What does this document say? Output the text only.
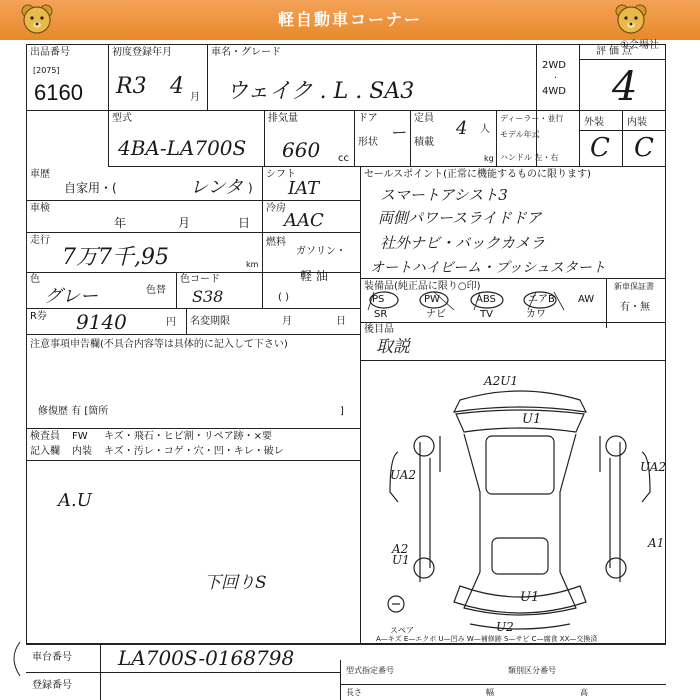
軽自動車コーナー
①会場社
出品番号
[2075]
6160
初度登録年月
R3 4 月
車名・グレード
ウェイク . L . SA3
2WD
·
4WD
評価点
4
型式
4BA-LA700S
排気量
660 cc
ドア
形状
ー
定員
積載
4 人
kg
ディーラー・並行
モデル年式
ハンドル 左・右
外装 内装
C C
車歴
自家用・(	レンタ )
車検
年	月	日
走行
7万7千,95	km
色
グレー	色替
色コード
S38
シフト
IAT
冷房
AAC
燃料
ガソリン・
軽 油
( )
R券 9140	円 名変期限	月	日
注意事項申告欄(不具合内容等は具体的に記入して下さい)
修復歴 有 [箇所	]
セールスポイント(正常に機能するものに限ります)
スマートアシスト3
両側パワースライドドア
社外ナビ・バックカメラ
オートハイビーム・プッシュスタート
装備品(純正品に限り○印)
PS	PW	ABS	エアB AW
SR	ナビ	TV	カワ
新車保証書
有・無
後目品
取説
検査員
記入欄
FW
内装
キズ・飛石・ヒビ割・リペア跡・×要
キズ・汚レ・コゲ・穴・凹・キレ・破レ
A.U
下回りS
A2U1
U1
UA2
UA2
A2 U1
A1
U1
U2
スペア
A—キズ E—エクボ U—凹み W—補修跡 S—サビ C—腐食 XX—交換済
車台番号 LA700S-0168798
登録番号
型式指定番号	類別区分番号
長さ	幅	高
